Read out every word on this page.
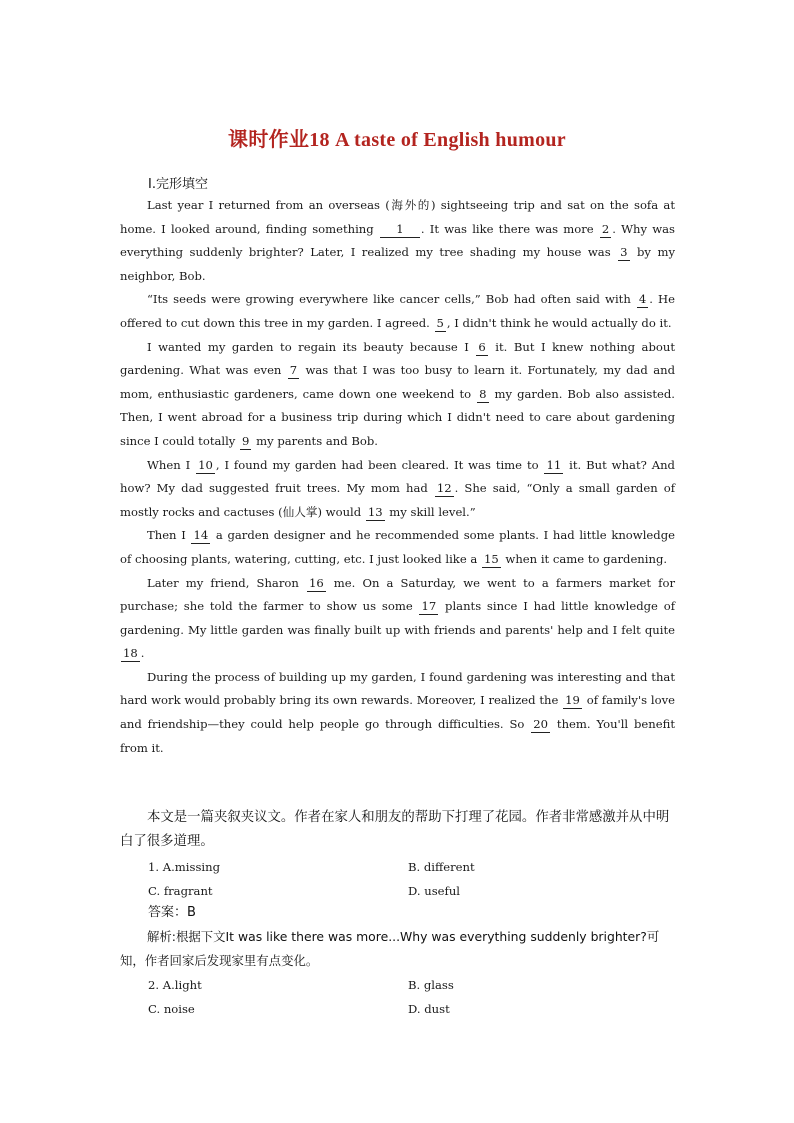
课时作业18 A taste of English humour
Ⅰ.完形填空

Last year I returned from an overseas (海外的) sightseeing trip and sat on the sofa at home. I looked around, finding something 1 . It was like there was more 2 . Why was everything suddenly brighter? Later, I realized my tree shading my house was 3 by my neighbor, Bob.

“Its seeds were growing everywhere like cancer cells,” Bob had often said with 4 . He offered to cut down this tree in my garden. I agreed. 5 , I didn't think he would actually do it.

I wanted my garden to regain its beauty because I 6 it. But I knew nothing about gardening. What was even 7 was that I was too busy to learn it. Fortunately, my dad and mom, enthusiastic gardeners, came down one weekend to 8 my garden. Bob also assisted. Then, I went abroad for a business trip during which I didn't need to care about gardening since I could totally 9 my parents and Bob.

When I 10 , I found my garden had been cleared. It was time to 11 it. But what? And how? My dad suggested fruit trees. My mom had 12 . She said, “Only a small garden of mostly rocks and cactuses (仙人掌) would 13 my skill level.”

Then I 14 a garden designer and he recommended some plants. I had little knowledge of choosing plants, watering, cutting, etc. I just looked like a 15 when it came to gardening.

Later my friend, Sharon 16 me. On a Saturday, we went to a farmers market for purchase; she told the farmer to show us some 17 plants since I had little knowledge of gardening. My little garden was finally built up with friends and parents' help and I felt quite 18 .

During the process of building up my garden, I found gardening was interesting and that hard work would probably bring its own rewards. Moreover, I realized the 19 of family's love and friendship—they could help people go through difficulties. So 20 them. You'll benefit from it.

本文是一篇夹叙夹议文。作者在家人和朋友的帮助下打理了花园。作者非常感激并从中明白了很多道理。
1. A.missing	B. different
C. fragrant	D. useful
答案：B
解析:根据下文It was like there was more...Why was everything suddenly brighter?可知，作者回家后发现家里有点变化。
2. A.light	B. glass
C. noise	D. dust
